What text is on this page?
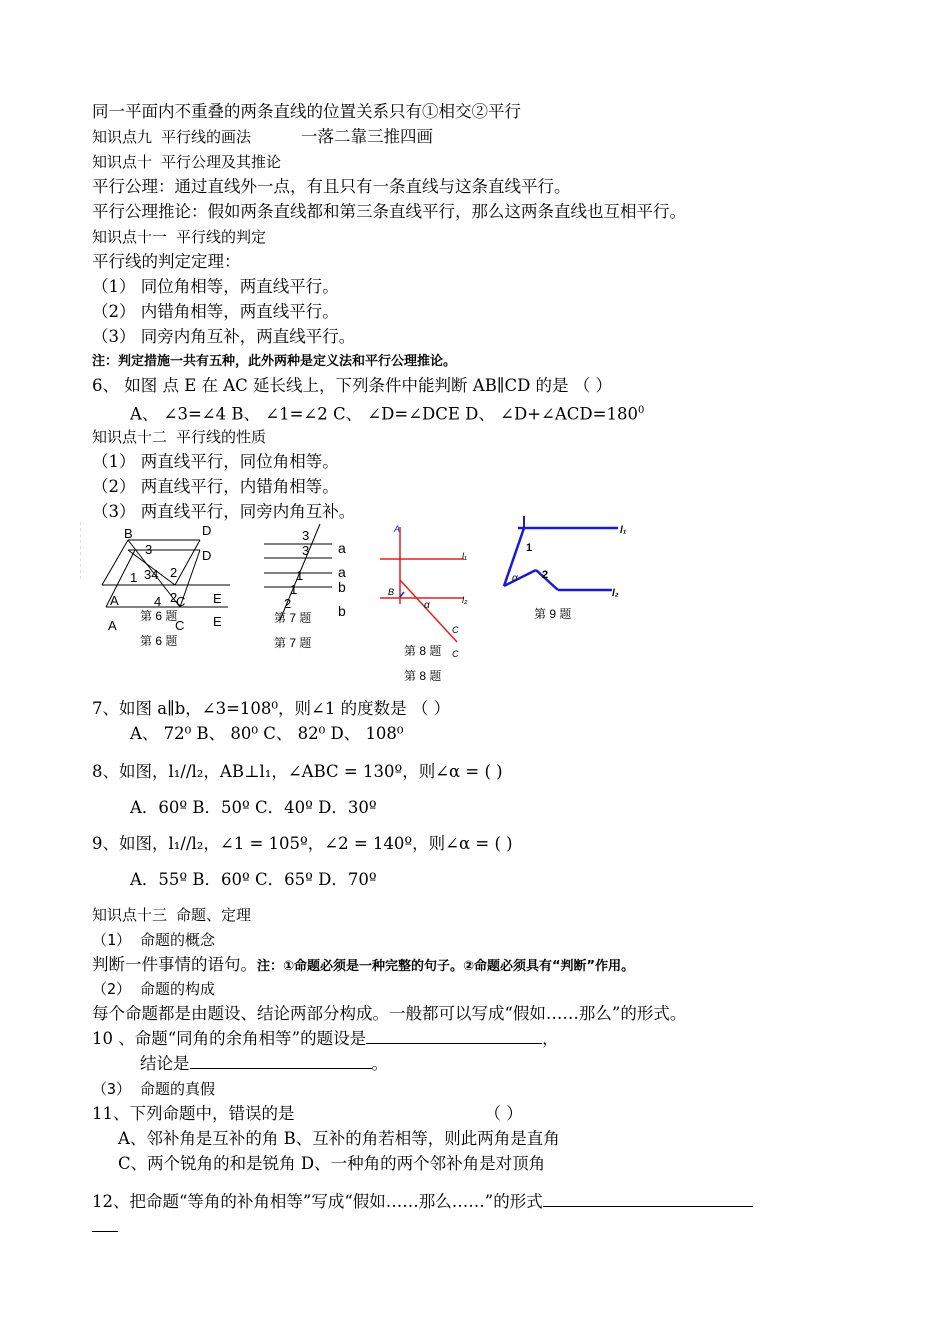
同一平面内不重叠的两条直线的位置关系只有①相交②平行
知识点九 平行线的画法	一落二靠三推四画
知识点十 平行公理及其推论
平行公理：通过直线外一点，有且只有一条直线与这条直线平行。
平行公理推论：假如两条直线都和第三条直线平行，那么这两条直线也互相平行。
知识点十一 平行线的判定
平行线的判定定理：
（1） 同位角相等，两直线平行。
（2） 内错角相等，两直线平行。
（3） 同旁内角互补，两直线平行。
注：判定措施一共有五种，此外两种是定义法和平行公理推论。
6、 如图 点 E 在 AC 延长线上，下列条件中能判断 AB∥CD 的是 （ ）
A、 ∠3=∠4 B、 ∠1=∠2 C、 ∠D=∠DCE D、 $\angle D+\angle ACD=180^0$
知识点十二 平行线的性质
（1） 两直线平行，同位角相等。
（2） 两直线平行，内错角相等。
（3） 两直线平行，同旁内角互补。
B	D
3	D
1 34 2
A	4 2
C E
A	C E
第 6 题
第 6 题
3
3 a
a
b
1
1
2	b
第 7 题
第 7 题
A
l₁
B
α	l₂
C
C
第 8 题
第 8 题
l₁
1
α 2
l₂
第 9 题
7、如图 a∥b，∠3=108⁰，则∠1 的度数是 （ ）
A、 72⁰ B、 80⁰ C、 82⁰ D、 108⁰
8、如图，l₁//l₂，AB⊥l₁，∠ABC = 130º，则∠α = ( )
A．60º B．50º C．40º D．30º
9、如图，l₁//l₂，∠1 = 105º，∠2 = 140º，则∠α = ( )
A．55º B．60º C．65º D．70º
知识点十三 命题、定理
（1） 命题的概念
判断一件事情的语句。注：①命题必须是一种完整的句子。②命题必须具有“判断”作用。
（2） 命题的构成
每个命题都是由题设、结论两部分构成。一般都可以写成“假如……那么”的形式。
10 、命题“同角的余角相等”的题设是	，
结论是	。
（3） 命题的真假
11、下列命题中，错误的是	（ ）
A、邻补角是互补的角 B、互补的角若相等，则此两角是直角
C、两个锐角的和是锐角 D、一种角的两个邻补角是对顶角
12、把命题“等角的补角相等”写成“假如……那么……”的形式
